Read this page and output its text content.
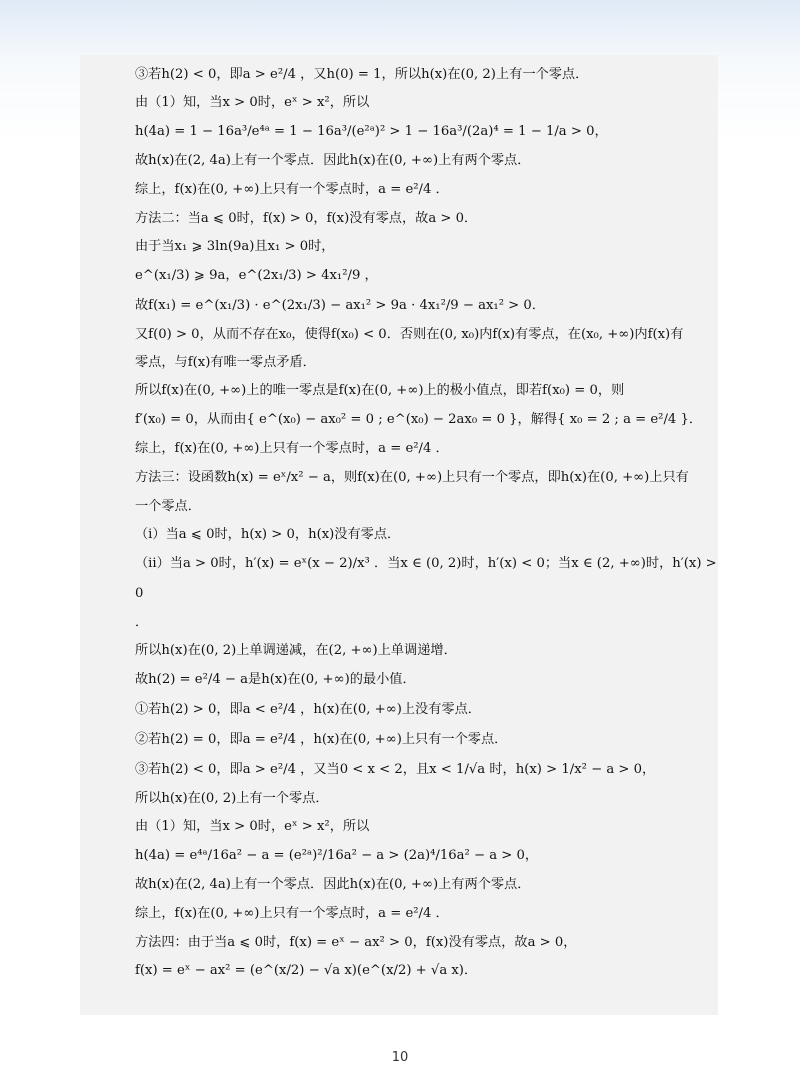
③若h(2) < 0，即a > e²/4 ，又h(0) = 1，所以h(x)在(0, 2)上有一个零点．
由（1）知，当x > 0时，eˣ > x²，所以
h(4a) = 1 − 16a³/e⁴ᵃ = 1 − 16a³/(e²ᵃ)² > 1 − 16a³/(2a)⁴ = 1 − 1/a > 0，
故h(x)在(2, 4a)上有一个零点．因此h(x)在(0, +∞)上有两个零点．
综上，f(x)在(0, +∞)上只有一个零点时，a = e²/4 ．
方法二：当a ⩽ 0时，f(x) > 0，f(x)没有零点，故a > 0．
由于当x₁ ⩾ 3ln(9a)且x₁ > 0时，
e^(x₁/3) ⩾ 9a，e^(2x₁/3) > 4x₁²/9 ，
故f(x₁) = e^(x₁/3) · e^(2x₁/3) − ax₁² > 9a · 4x₁²/9 − ax₁² > 0．
又f(0) > 0，从而不存在x₀，使得f(x₀) < 0．否则在(0, x₀)内f(x)有零点，在(x₀, +∞)内f(x)有
零点，与f(x)有唯一零点矛盾．
所以f(x)在(0, +∞)上的唯一零点是f(x)在(0, +∞)上的极小值点，即若f(x₀) = 0，则
f′(x₀) = 0，从而由{ e^(x₀) − ax₀² = 0 ; e^(x₀) − 2ax₀ = 0 }，解得{ x₀ = 2 ; a = e²/4 }．
综上，f(x)在(0, +∞)上只有一个零点时，a = e²/4 ．
方法三：设函数h(x) = eˣ/x² − a，则f(x)在(0, +∞)上只有一个零点，即h(x)在(0, +∞)上只有
一个零点．
（i）当a ⩽ 0时，h(x) > 0，h(x)没有零点．
（ii）当a > 0时，h′(x) = eˣ(x − 2)/x³ ．当x ∈ (0, 2)时，h′(x) < 0；当x ∈ (2, +∞)时，h′(x) > 0
．
所以h(x)在(0, 2)上单调递减，在(2, +∞)上单调递增．
故h(2) = e²/4 − a是h(x)在(0, +∞)的最小值．
①若h(2) > 0，即a < e²/4 ，h(x)在(0, +∞)上没有零点．
②若h(2) = 0，即a = e²/4 ，h(x)在(0, +∞)上只有一个零点．
③若h(2) < 0，即a > e²/4 ，又当0 < x < 2，且x < 1/√a 时，h(x) > 1/x² − a > 0，
所以h(x)在(0, 2)上有一个零点．
由（1）知，当x > 0时，eˣ > x²，所以
h(4a) = e⁴ᵃ/16a² − a = (e²ᵃ)²/16a² − a > (2a)⁴/16a² − a > 0，
故h(x)在(2, 4a)上有一个零点．因此h(x)在(0, +∞)上有两个零点．
综上，f(x)在(0, +∞)上只有一个零点时，a = e²/4 ．
方法四：由于当a ⩽ 0时，f(x) = eˣ − ax² > 0，f(x)没有零点，故a > 0，
f(x) = eˣ − ax² = (e^(x/2) − √a x)(e^(x/2) + √a x)．
10
